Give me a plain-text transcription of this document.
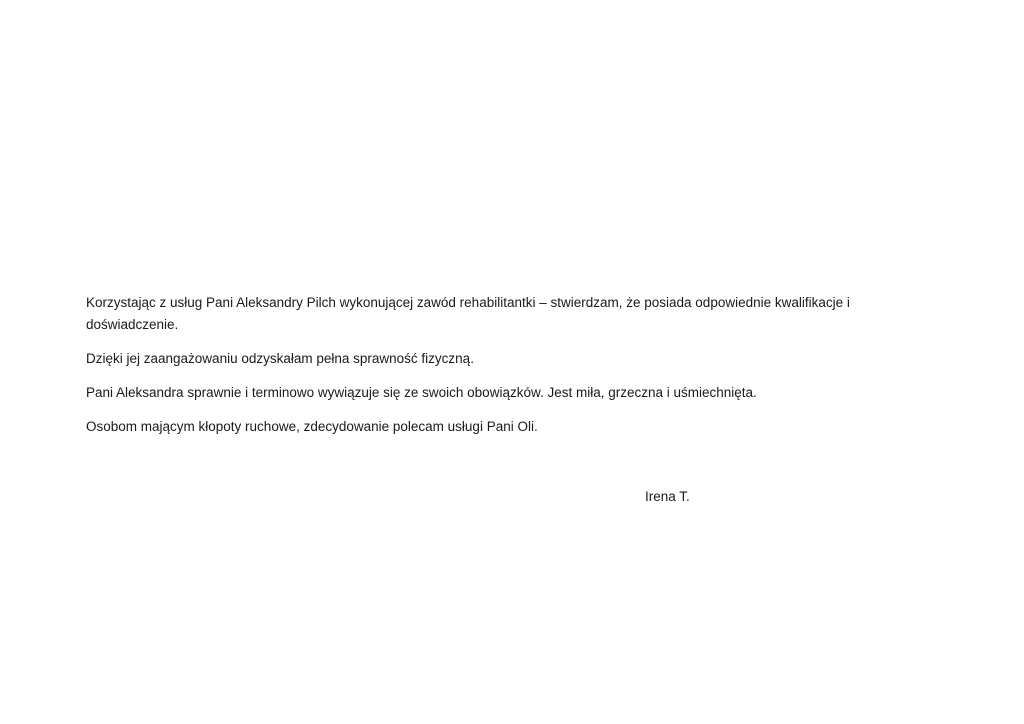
Korzystając z usług Pani Aleksandry Pilch wykonującej zawód rehabilitantki – stwierdzam, że posiada odpowiednie kwalifikacje i doświadczenie.

Dzięki jej zaangażowaniu odzyskałam pełna sprawność fizyczną.

Pani Aleksandra sprawnie i terminowo wywiązuje się ze swoich obowiązków. Jest miła, grzeczna i uśmiechnięta.

Osobom mającym kłopoty ruchowe, zdecydowanie polecam usługi Pani Oli.

Irena T.
